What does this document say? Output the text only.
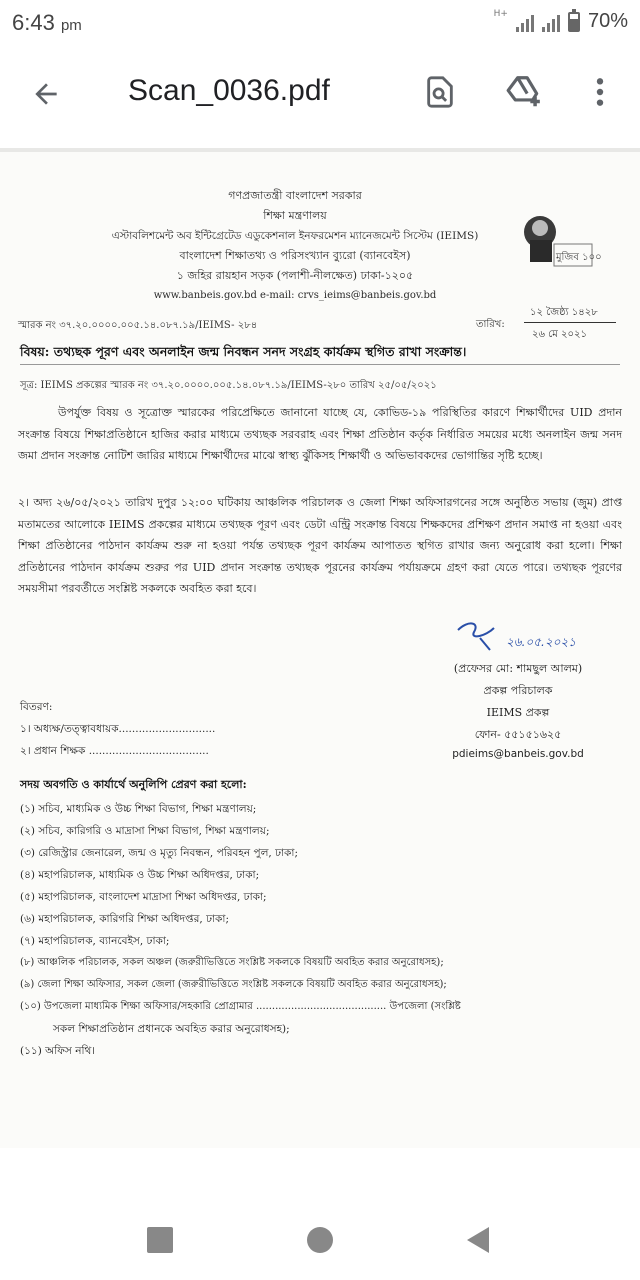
6:43 pm
H+	70%
Scan_0036.pdf
গণপ্রজাতন্ত্রী বাংলাদেশ সরকার
শিক্ষা মন্ত্রণালয়
এস্টাবলিশমেন্ট অব ইন্টিগ্রেটেড এডুকেশনাল ইনফরমেশন ম্যানেজমেন্ট সিস্টেম (IEIMS)
বাংলাদেশ শিক্ষাতথ্য ও পরিসংখ্যান ব্যুরো (ব্যানবেইস)
১ জহির রায়হান সড়ক (পলাশী-নীলক্ষেত) ঢাকা-১২০৫
www.banbeis.gov.bd e-mail: crvs_ieims@banbeis.gov.bd
মুজিব ১০০
স্মারক নং ৩৭.২০.০০০০.০০৫.১৪.০৮৭.১৯/IEIMS- ২৮৪	তারিখ:
১২ জৈষ্ঠ্য ১৪২৮
২৬ মে ২০২১
বিষয়: তথ্যছক পূরণ এবং অনলাইন জন্ম নিবন্ধন সনদ সংগ্রহ কার্যক্রম স্থগিত রাখা সংক্রান্ত।
সূত্র: IEIMS প্রকল্পের স্মারক নং ৩৭.২০.০০০০.০০৫.১৪.০৮৭.১৯/IEIMS-২৮০ তারিখ ২৫/০৫/২০২১
উপর্যুক্ত বিষয় ও সূত্রোক্ত স্মারকের পরিপ্রেক্ষিতে জানানো যাচ্ছে যে, কোভিড-১৯ পরিস্থিতির কারণে শিক্ষার্থীদের UID প্রদান সংক্রান্ত বিষয়ে শিক্ষাপ্রতিষ্ঠানে হাজির করার মাধ্যমে তথ্যছক সরবরাহ এবং শিক্ষা প্রতিষ্ঠান কর্তৃক নির্ধারিত সময়ের মধ্যে অনলাইন জন্ম সনদ জমা প্রদান সংক্রান্ত নোটিশ জারির মাধ্যমে শিক্ষার্থীদের মাঝে স্বাস্থ্য ঝুঁকিসহ শিক্ষার্থী ও অভিভাবকদের ভোগান্তির সৃষ্টি হচ্ছে।
২। অদ্য ২৬/০৫/২০২১ তারিখ দুপুর ১২:০০ ঘটিকায় আঞ্চলিক পরিচালক ও জেলা শিক্ষা অফিসারগনের সঙ্গে অনুষ্ঠিত সভায় (জুম) প্রাপ্ত মতামতের আলোকে IEIMS প্রকল্পের মাধ্যমে তথ্যছক পূরণ এবং ডেটা এন্ট্রি সংক্রান্ত বিষয়ে শিক্ষকদের প্রশিক্ষণ প্রদান সমাপ্ত না হওয়া এবং শিক্ষা প্রতিষ্ঠানের পাঠদান কার্যক্রম শুরু না হওয়া পর্যন্ত তথ্যছক পূরণ কার্যক্রম আপাতত স্থগিত রাখার জন্য অনুরোধ করা হলো। শিক্ষা প্রতিষ্ঠানের পাঠদান কার্যক্রম শুরুর পর UID প্রদান সংক্রান্ত তথ্যছক পূরনের কার্যক্রম পর্যায়ক্রমে গ্রহণ করা যেতে পারে। তথ্যছক পূরণের সময়সীমা পরবর্তীতে সংশ্লিষ্ট সকলকে অবহিত করা হবে।
২৬.০৫.২০২১
(প্রফেসর মো: শামছুল আলম)
প্রকল্প পরিচালক
IEIMS প্রকল্প
ফোন- ৫৫১৫১৬২৫
pdieims@banbeis.gov.bd
বিতরণ:
১। অধ্যক্ষ/তত্ত্বাবধায়ক.............................
২। প্রধান শিক্ষক ....................................
সদয় অবগতি ও কার্যার্থে অনুলিপি প্রেরণ করা হলো:
(১) সচিব, মাধ্যমিক ও উচ্চ শিক্ষা বিভাগ, শিক্ষা মন্ত্রণালয়;
(২) সচিব, কারিগরি ও মাদ্রাসা শিক্ষা বিভাগ, শিক্ষা মন্ত্রণালয়;
(৩) রেজিস্ট্রার জেনারেল, জন্ম ও মৃত্যু নিবন্ধন, পরিবহন পুল, ঢাকা;
(৪) মহাপরিচালক, মাধ্যমিক ও উচ্চ শিক্ষা অধিদপ্তর, ঢাকা;
(৫) মহাপরিচালক, বাংলাদেশ মাদ্রাসা শিক্ষা অধিদপ্তর, ঢাকা;
(৬) মহাপরিচালক, কারিগরি শিক্ষা অধিদপ্তর, ঢাকা;
(৭) মহাপরিচালক, ব্যানবেইস, ঢাকা;
(৮) আঞ্চলিক পরিচালক, সকল অঞ্চল (জরুরীভিত্তিতে সংশ্লিষ্ট সকলকে বিষয়টি অবহিত করার অনুরোধসহ);
(৯) জেলা শিক্ষা অফিসার, সকল জেলা (জরুরীভিত্তিতে সংশ্লিষ্ট সকলকে বিষয়টি অবহিত করার অনুরোধসহ);
(১০) উপজেলা মাধ্যমিক শিক্ষা অফিসার/সহকারি প্রোগ্রামার ......................................... উপজেলা (সংশ্লিষ্ট
সকল শিক্ষাপ্রতিষ্ঠান প্রধানকে অবহিত করার অনুরোধসহ);
(১১) অফিস নথি।
